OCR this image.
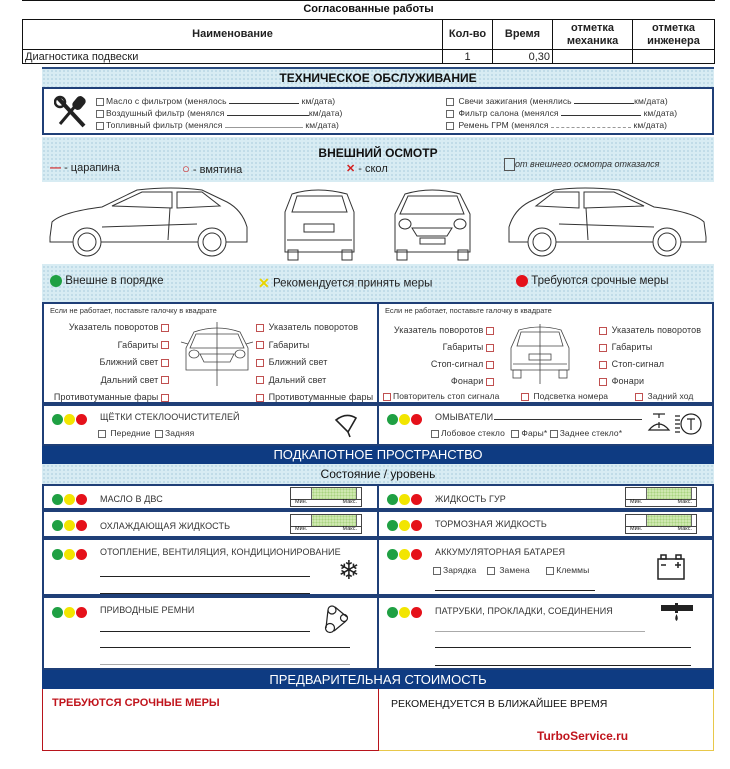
Согласованные работы
Наименование	Кол-во	Время	отметка механика	отметка инженера
Диагностика подвески	1	0,30		
ТЕХНИЧЕСКОЕ ОБСЛУЖИВАНИЕ
Масло с фильтром (менялось	км/дата)
Воздушный фильтр (менялся	км/дата)
Топливный фильтр (менялся	км/дата)
Свечи зажигания (менялись	км/дата)
Фильтр салона (менялся	км/дата)
Ремень ГРМ (менялся	км/дата)
ВНЕШНИЙ ОСМОТР
— - царапина	○ - вмятина	✕ - скол	от внешнего осмотра отказался
Внешне в порядке	✕ Рекомендуется принять меры	Требуются срочные меры
Если не работает, поставьте галочку в квадрате
Указатель поворотов
Габариты
Ближний свет
Дальний свет
Противотуманные фары
Указатель поворотов
Габариты
Ближний свет
Дальний свет
Противотуманные фары
Если не работает, поставьте галочку в квадрате
Указатель поворотов
Габариты
Стоп-сигнал
Фонари
Указатель поворотов
Габариты
Стоп-сигнал
Фонари
Повторитель стоп сигнала	Подсветка номера	Задний ход
ЩЁТКИ СТЕКЛООЧИСТИТЕЛЕЙ
Передние Задняя
ОМЫВАТЕЛИ
Лобовое стекло Фары* Заднее стекло*
ПОДКАПОТНОЕ ПРОСТРАНСТВО
Состояние / уровень
МАСЛО В ДВС	Мин.	Макс.	ЖИДКОСТЬ ГУР	Мин.	Макс.
ОХЛАЖДАЮЩАЯ ЖИДКОСТЬ	Мин.	Макс.	ТОРМОЗНАЯ ЖИДКОСТЬ	Мин.	Макс.
ОТОПЛЕНИЕ, ВЕНТИЛЯЦИЯ, КОНДИЦИОНИРОВАНИЕ
❄
АККУМУЛЯТОРНАЯ БАТАРЕЯ
Зарядка	Замена	Клеммы
ПРИВОДНЫЕ РЕМНИ	ПАТРУБКИ, ПРОКЛАДКИ, СОЕДИНЕНИЯ
ПРЕДВАРИТЕЛЬНАЯ СТОИМОСТЬ
ТРЕБУЮТСЯ СРОЧНЫЕ МЕРЫ	РЕКОМЕНДУЕТСЯ В БЛИЖАЙШЕЕ ВРЕМЯ
TurboService.ru
